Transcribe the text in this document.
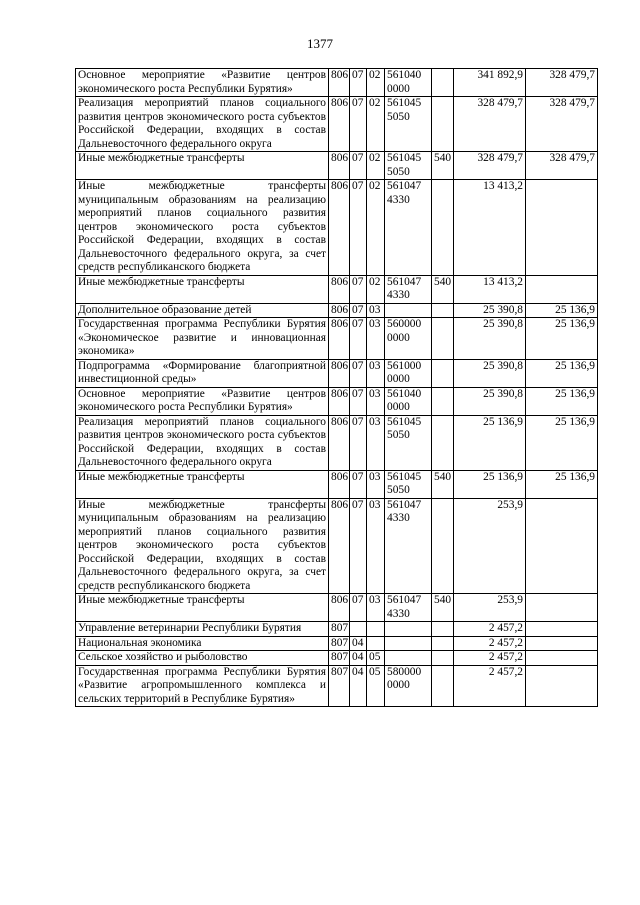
1377
Основное мероприятие «Развитие центров экономического роста Республики Бурятия»	806	07	02	561040 0000		341 892,9	328 479,7
Реализация мероприятий планов социального развития центров экономического роста субъектов Российской Федерации, входящих в состав Дальневосточного федерального округа	806	07	02	561045 5050		328 479,7	328 479,7
Иные межбюджетные трансферты	806	07	02	561045 5050	540	328 479,7	328 479,7
Иные межбюджетные трансферты муниципальным образованиям на реализацию мероприятий планов социального развития центров экономического роста субъектов Российской Федерации, входящих в состав Дальневосточного федерального округа, за счет средств республиканского бюджета	806	07	02	561047 4330		13 413,2	
Иные межбюджетные трансферты	806	07	02	561047 4330	540	13 413,2	
Дополнительное образование детей	806	07	03			25 390,8	25 136,9
Государственная программа Республики Бурятия «Экономическое развитие и инновационная экономика»	806	07	03	560000 0000		25 390,8	25 136,9
Подпрограмма «Формирование благоприятной инвестиционной среды»	806	07	03	561000 0000		25 390,8	25 136,9
Основное мероприятие «Развитие центров экономического роста Республики Бурятия»	806	07	03	561040 0000		25 390,8	25 136,9
Реализация мероприятий планов социального развития центров экономического роста субъектов Российской Федерации, входящих в состав Дальневосточного федерального округа	806	07	03	561045 5050		25 136,9	25 136,9
Иные межбюджетные трансферты	806	07	03	561045 5050	540	25 136,9	25 136,9
Иные межбюджетные трансферты муниципальным образованиям на реализацию мероприятий планов социального развития центров экономического роста субъектов Российской Федерации, входящих в состав Дальневосточного федерального округа, за счет средств республиканского бюджета	806	07	03	561047 4330		253,9	
Иные межбюджетные трансферты	806	07	03	561047 4330	540	253,9	
Управление ветеринарии Республики Бурятия	807					2 457,2	
Национальная экономика	807	04				2 457,2	
Сельское хозяйство и рыболовство	807	04	05			2 457,2	
Государственная программа Республики Бурятия «Развитие агропромышленного комплекса и сельских территорий в Республике Бурятия»	807	04	05	580000 0000		2 457,2	
